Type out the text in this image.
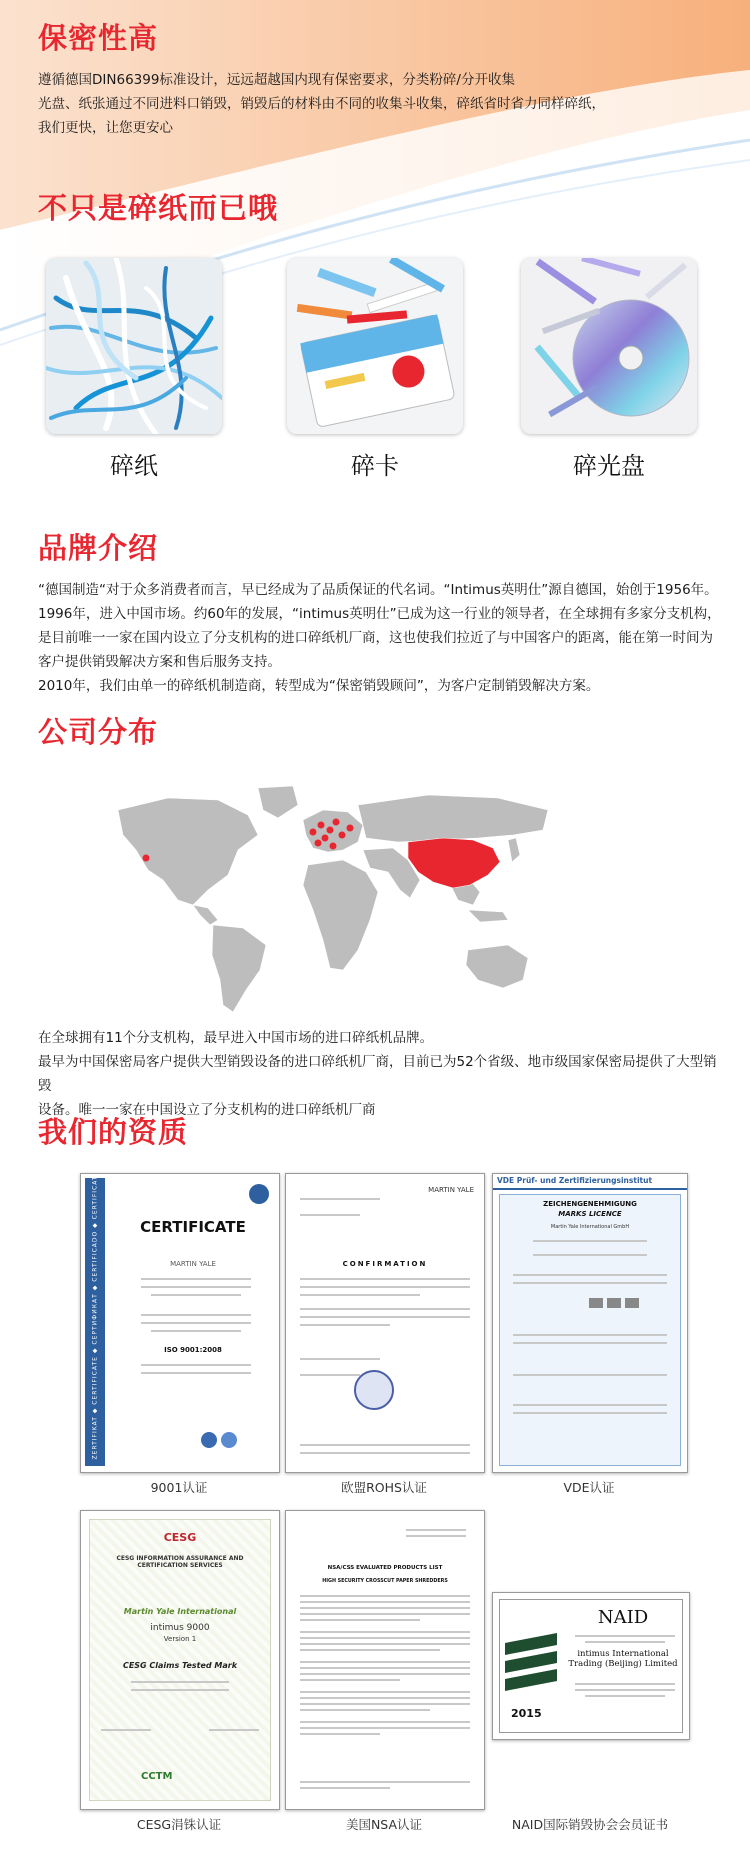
保密性高

遵循德国DIN66399标准设计，远远超越国内现有保密要求，分类粉碎/分开收集

光盘、纸张通过不同进料口销毁，销毁后的材料由不同的收集斗收集，碎纸省时省力同样碎纸，

我们更快，让您更安心

不只是碎纸而已哦
碎纸	碎卡	碎光盘
品牌介绍

“德国制造“对于众多消费者而言，早已经成为了品质保证的代名词。“Intimus英明仕”源自德国，始创于1956年。

1996年，进入中国市场。约60年的发展，“intimus英明仕”已成为这一行业的领导者，在全球拥有多家分支机构，

是目前唯一一家在国内设立了分支机构的进口碎纸机厂商，这也使我们拉近了与中国客户的距离，能在第一时间为

客户提供销毁解决方案和售后服务支持。

2010年，我们由单一的碎纸机制造商，转型成为“保密销毁顾问”，为客户定制销毁解决方案。

公司分布

在全球拥有11个分支机构，最早进入中国市场的进口碎纸机品牌。

最早为中国保密局客户提供大型销毁设备的进口碎纸机厂商，目前已为52个省级、地市级国家保密局提供了大型销毁

设备。唯一一家在中国设立了分支机构的进口碎纸机厂商

我们的资质
ZERTIFIKAT ◆ CERTIFICATE ◆ СЕРТИФИКАТ ◆ CERTIFICADO ◆ CERTIFICAT	CERTIFICATE
MARTIN YALE
ISO 9001:2008
9001认证
MARTIN YALE
CONFIRMATION
欧盟ROHS认证
VDE Prüf- und Zertifizierungsinstitut
ZEICHENGENEHMIGUNG
MARKS LICENCE
Martin Yale International GmbH
VDE认证
CESG
CESG INFORMATION ASSURANCE AND CERTIFICATION SERVICES
Martin Yale International
intimus 9000
Version 1
CESG Claims Tested Mark
CCTM
CESG涓铢认证
NSA/CSS EVALUATED PRODUCTS LIST
HIGH SECURITY CROSSCUT PAPER SHREDDERS
美国NSA认证
2015
NAID
intimus International Trading (Beijing) Limited
NAID国际销毁协会会员证书
